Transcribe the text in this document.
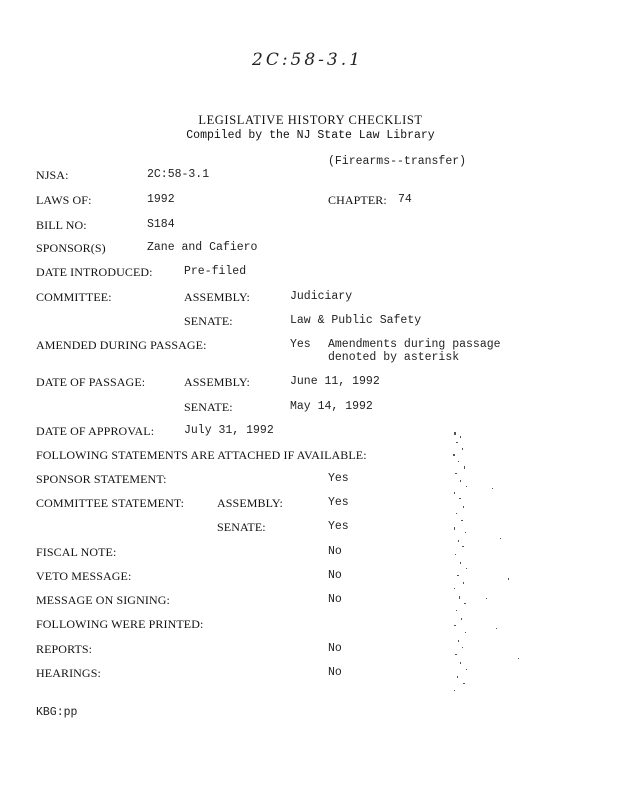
2C:58-3.1
LEGISLATIVE HISTORY CHECKLIST
Compiled by the NJ State Law Library
(Firearms--transfer)
NJSA:	2C:58-3.1
LAWS OF:	1992	CHAPTER: 74
BILL NO:	S184
SPONSOR(S)	Zane and Cafiero
DATE INTRODUCED:	Pre-filed
COMMITTEE:	ASSEMBLY:	Judiciary
SENATE:	Law & Public Safety
AMENDED DURING PASSAGE:	Yes Amendments during passage
denoted by asterisk
DATE OF PASSAGE:	ASSEMBLY:	June 11, 1992
SENATE:	May 14, 1992
DATE OF APPROVAL:	July 31, 1992
FOLLOWING STATEMENTS ARE ATTACHED IF AVAILABLE:
SPONSOR STATEMENT:	Yes
COMMITTEE STATEMENT:	ASSEMBLY:	Yes
SENATE:	Yes
FISCAL NOTE:	No
VETO MESSAGE:	No
MESSAGE ON SIGNING:	No
FOLLOWING WERE PRINTED:
REPORTS:	No
HEARINGS:	No
KBG:pp
